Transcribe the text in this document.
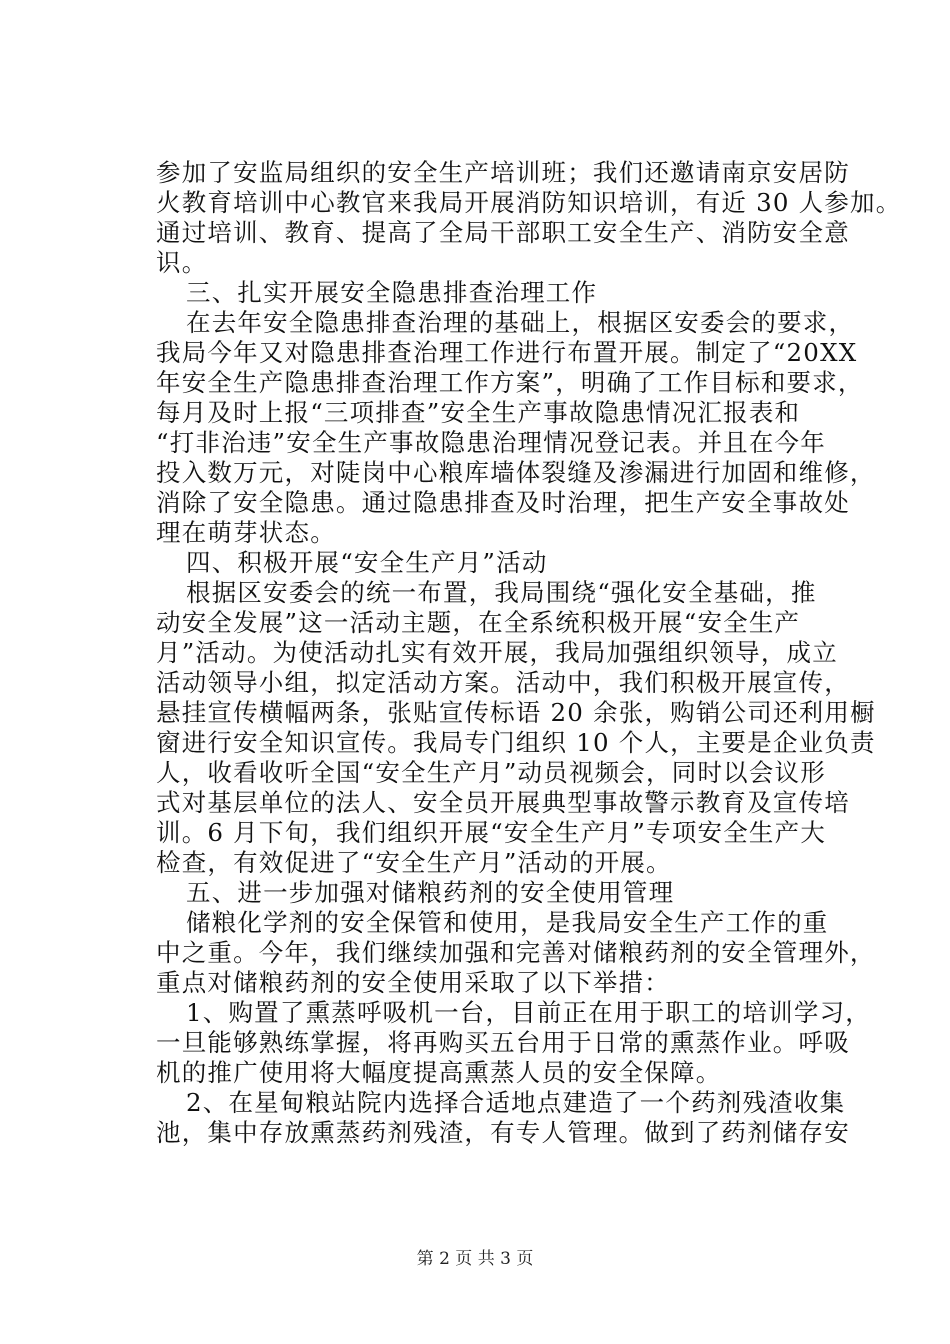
参加了安监局组织的安全生产培训班；我们还邀请南京安居防
火教育培训中心教官来我局开展消防知识培训，有近 30 人参加。
通过培训、教育、提高了全局干部职工安全生产、消防安全意
识。
三、扎实开展安全隐患排查治理工作
在去年安全隐患排查治理的基础上，根据区安委会的要求，
我局今年又对隐患排查治理工作进行布置开展。制定了“20XX
年安全生产隐患排查治理工作方案”，明确了工作目标和要求，
每月及时上报“三项排查”安全生产事故隐患情况汇报表和
“打非治违”安全生产事故隐患治理情况登记表。并且在今年
投入数万元，对陡岗中心粮库墙体裂缝及渗漏进行加固和维修，
消除了安全隐患。通过隐患排查及时治理，把生产安全事故处
理在萌芽状态。
四、积极开展“安全生产月”活动
根据区安委会的统一布置，我局围绕“强化安全基础，推
动安全发展”这一活动主题，在全系统积极开展“安全生产
月”活动。为使活动扎实有效开展，我局加强组织领导，成立
活动领导小组，拟定活动方案。活动中，我们积极开展宣传，
悬挂宣传横幅两条，张贴宣传标语 20 余张，购销公司还利用橱
窗进行安全知识宣传。我局专门组织 10 个人，主要是企业负责
人，收看收听全国“安全生产月”动员视频会，同时以会议形
式对基层单位的法人、安全员开展典型事故警示教育及宣传培
训。6 月下旬，我们组织开展“安全生产月”专项安全生产大
检查，有效促进了“安全生产月”活动的开展。
五、进一步加强对储粮药剂的安全使用管理
储粮化学剂的安全保管和使用，是我局安全生产工作的重
中之重。今年，我们继续加强和完善对储粮药剂的安全管理外，
重点对储粮药剂的安全使用采取了以下举措：
1、购置了熏蒸呼吸机一台，目前正在用于职工的培训学习，
一旦能够熟练掌握，将再购买五台用于日常的熏蒸作业。呼吸
机的推广使用将大幅度提高熏蒸人员的安全保障。
2、在星甸粮站院内选择合适地点建造了一个药剂残渣收集
池，集中存放熏蒸药剂残渣，有专人管理。做到了药剂储存安
第 2 页 共 3 页
